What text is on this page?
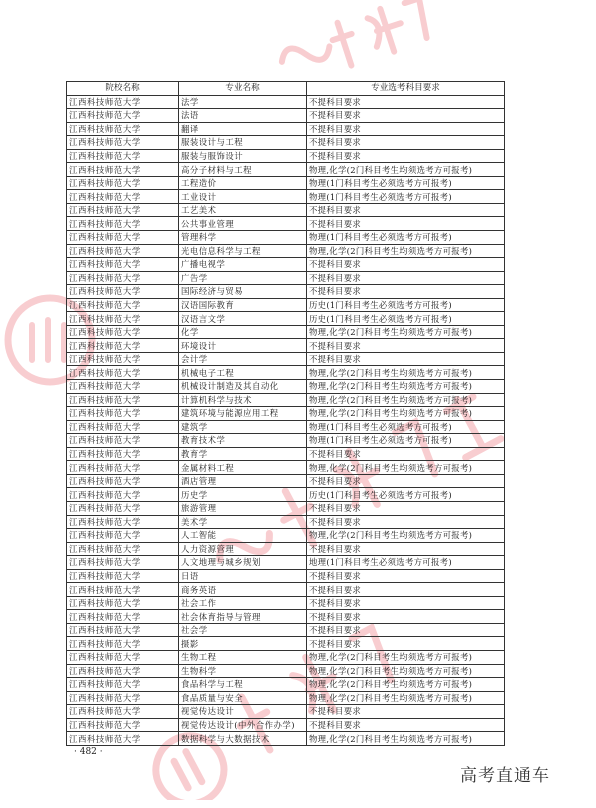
院校名称	专业名称	专业选考科目要求
江西科技师范大学	法学	不提科目要求
江西科技师范大学	法语	不提科目要求
江西科技师范大学	翻译	不提科目要求
江西科技师范大学	服装设计与工程	不提科目要求
江西科技师范大学	服装与服饰设计	不提科目要求
江西科技师范大学	高分子材料与工程	物理,化学(2门科目考生均须选考方可报考)
江西科技师范大学	工程造价	物理(1门科目考生必须选考方可报考)
江西科技师范大学	工业设计	物理(1门科目考生必须选考方可报考)
江西科技师范大学	工艺美术	不提科目要求
江西科技师范大学	公共事业管理	不提科目要求
江西科技师范大学	管理科学	物理(1门科目考生必须选考方可报考)
江西科技师范大学	光电信息科学与工程	物理,化学(2门科目考生均须选考方可报考)
江西科技师范大学	广播电视学	不提科目要求
江西科技师范大学	广告学	不提科目要求
江西科技师范大学	国际经济与贸易	不提科目要求
江西科技师范大学	汉语国际教育	历史(1门科目考生必须选考方可报考)
江西科技师范大学	汉语言文学	历史(1门科目考生必须选考方可报考)
江西科技师范大学	化学	物理,化学(2门科目考生均须选考方可报考)
江西科技师范大学	环境设计	不提科目要求
江西科技师范大学	会计学	不提科目要求
江西科技师范大学	机械电子工程	物理,化学(2门科目考生均须选考方可报考)
江西科技师范大学	机械设计制造及其自动化	物理,化学(2门科目考生均须选考方可报考)
江西科技师范大学	计算机科学与技术	物理,化学(2门科目考生均须选考方可报考)
江西科技师范大学	建筑环境与能源应用工程	物理,化学(2门科目考生均须选考方可报考)
江西科技师范大学	建筑学	物理(1门科目考生必须选考方可报考)
江西科技师范大学	教育技术学	物理(1门科目考生必须选考方可报考)
江西科技师范大学	教育学	不提科目要求
江西科技师范大学	金属材料工程	物理,化学(2门科目考生均须选考方可报考)
江西科技师范大学	酒店管理	不提科目要求
江西科技师范大学	历史学	历史(1门科目考生必须选考方可报考)
江西科技师范大学	旅游管理	不提科目要求
江西科技师范大学	美术学	不提科目要求
江西科技师范大学	人工智能	物理,化学(2门科目考生均须选考方可报考)
江西科技师范大学	人力资源管理	不提科目要求
江西科技师范大学	人文地理与城乡规划	地理(1门科目考生必须选考方可报考)
江西科技师范大学	日语	不提科目要求
江西科技师范大学	商务英语	不提科目要求
江西科技师范大学	社会工作	不提科目要求
江西科技师范大学	社会体育指导与管理	不提科目要求
江西科技师范大学	社会学	不提科目要求
江西科技师范大学	摄影	不提科目要求
江西科技师范大学	生物工程	物理,化学(2门科目考生均须选考方可报考)
江西科技师范大学	生物科学	物理,化学(2门科目考生均须选考方可报考)
江西科技师范大学	食品科学与工程	物理,化学(2门科目考生均须选考方可报考)
江西科技师范大学	食品质量与安全	物理,化学(2门科目考生均须选考方可报考)
江西科技师范大学	视觉传达设计	不提科目要求
江西科技师范大学	视觉传达设计(中外合作办学)	不提科目要求
江西科技师范大学	数据科学与大数据技术	物理,化学(2门科目考生均须选考方可报考)
· 482 ·
高考直通车
